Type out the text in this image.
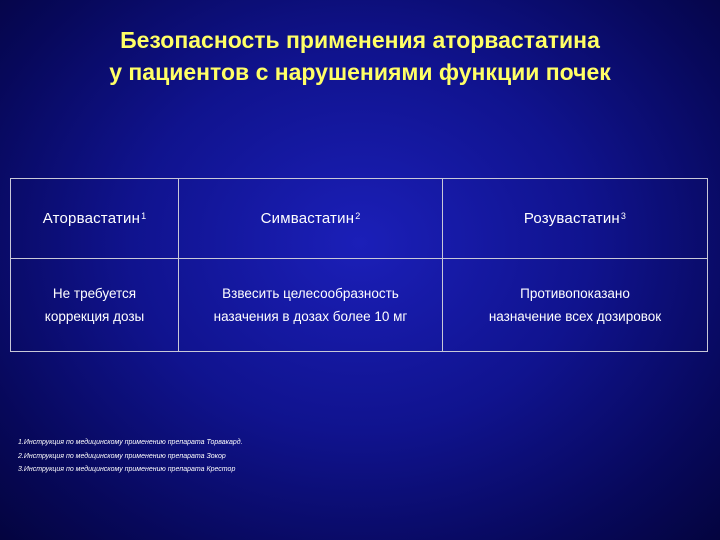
Безопасность применения аторвастатина
у пациентов с нарушениями функции почек
Аторвастатин$^1$	Симвастатин$^2$	Розувастатин$^3$
Не требуется
коррекция дозы
Взвесить целесообразность
назачения в дозах более 10 мг
Противопоказано
назначение всех дозировок
1.Инструкция по медицинскому применению препарата Торвакард.
2.Инструкция по медицинскому применению препарата Зокор
3.Инструкция по медицинскому применению препарата Крестор
